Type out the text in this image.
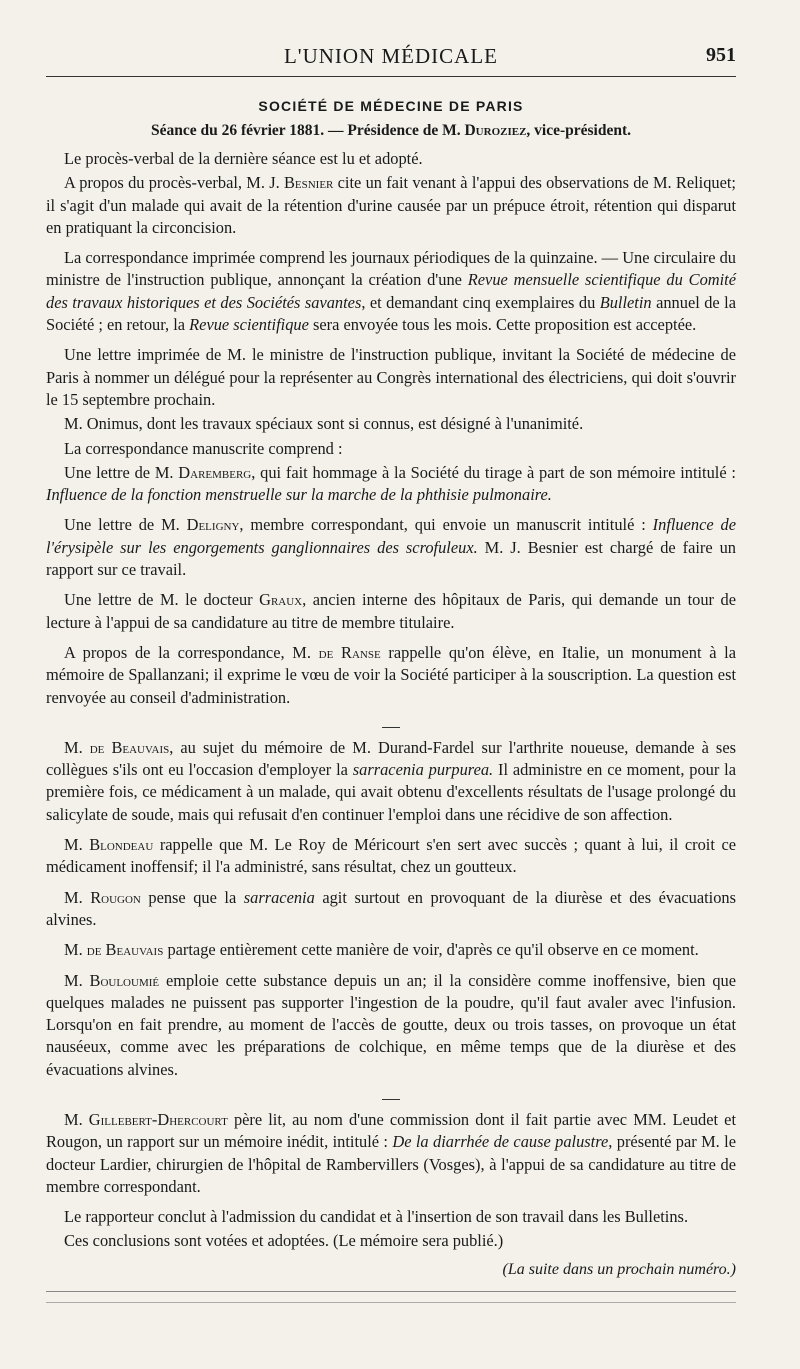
L'UNION MÉDICALE	951
SOCIÉTÉ DE MÉDECINE DE PARIS
Séance du 26 février 1881. — Présidence de M. Duroziez, vice-président.

Le procès-verbal de la dernière séance est lu et adopté.

A propos du procès-verbal, M. J. Besnier cite un fait venant à l'appui des observations de M. Reliquet; il s'agit d'un malade qui avait de la rétention d'urine causée par un prépuce étroit, rétention qui disparut en pratiquant la circoncision.

La correspondance imprimée comprend les journaux périodiques de la quinzaine. — Une circulaire du ministre de l'instruction publique, annonçant la création d'une Revue mensuelle scientifique du Comité des travaux historiques et des Sociétés savantes, et demandant cinq exemplaires du Bulletin annuel de la Société ; en retour, la Revue scientifique sera envoyée tous les mois. Cette proposition est acceptée.

Une lettre imprimée de M. le ministre de l'instruction publique, invitant la Société de médecine de Paris à nommer un délégué pour la représenter au Congrès international des électriciens, qui doit s'ouvrir le 15 septembre prochain.

M. Onimus, dont les travaux spéciaux sont si connus, est désigné à l'unanimité.

La correspondance manuscrite comprend :

Une lettre de M. Daremberg, qui fait hommage à la Société du tirage à part de son mémoire intitulé : Influence de la fonction menstruelle sur la marche de la phthisie pulmonaire.

Une lettre de M. Deligny, membre correspondant, qui envoie un manuscrit intitulé : Influence de l'érysipèle sur les engorgements ganglionnaires des scrofuleux. M. J. Besnier est chargé de faire un rapport sur ce travail.

Une lettre de M. le docteur Graux, ancien interne des hôpitaux de Paris, qui demande un tour de lecture à l'appui de sa candidature au titre de membre titulaire.

A propos de la correspondance, M. de Ranse rappelle qu'on élève, en Italie, un monument à la mémoire de Spallanzani; il exprime le vœu de voir la Société participer à la souscription. La question est renvoyée au conseil d'administration.

M. de Beauvais, au sujet du mémoire de M. Durand-Fardel sur l'arthrite noueuse, demande à ses collègues s'ils ont eu l'occasion d'employer la sarracenia purpurea. Il administre en ce moment, pour la première fois, ce médicament à un malade, qui avait obtenu d'excellents résultats de l'usage prolongé du salicylate de soude, mais qui refusait d'en continuer l'emploi dans une récidive de son affection.

M. Blondeau rappelle que M. Le Roy de Méricourt s'en sert avec succès ; quant à lui, il croit ce médicament inoffensif; il l'a administré, sans résultat, chez un goutteux.

M. Rougon pense que la sarracenia agit surtout en provoquant de la diurèse et des évacuations alvines.

M. de Beauvais partage entièrement cette manière de voir, d'après ce qu'il observe en ce moment.

M. Bouloumié emploie cette substance depuis un an; il la considère comme inoffensive, bien que quelques malades ne puissent pas supporter l'ingestion de la poudre, qu'il faut avaler avec l'infusion. Lorsqu'on en fait prendre, au moment de l'accès de goutte, deux ou trois tasses, on provoque un état nauséeux, comme avec les préparations de colchique, en même temps que de la diurèse et des évacuations alvines.

M. Gillebert-Dhercourt père lit, au nom d'une commission dont il fait partie avec MM. Leudet et Rougon, un rapport sur un mémoire inédit, intitulé : De la diarrhée de cause palustre, présenté par M. le docteur Lardier, chirurgien de l'hôpital de Rambervillers (Vosges), à l'appui de sa candidature au titre de membre correspondant.

Le rapporteur conclut à l'admission du candidat et à l'insertion de son travail dans les Bulletins.

Ces conclusions sont votées et adoptées. (Le mémoire sera publié.)

(La suite dans un prochain numéro.)
